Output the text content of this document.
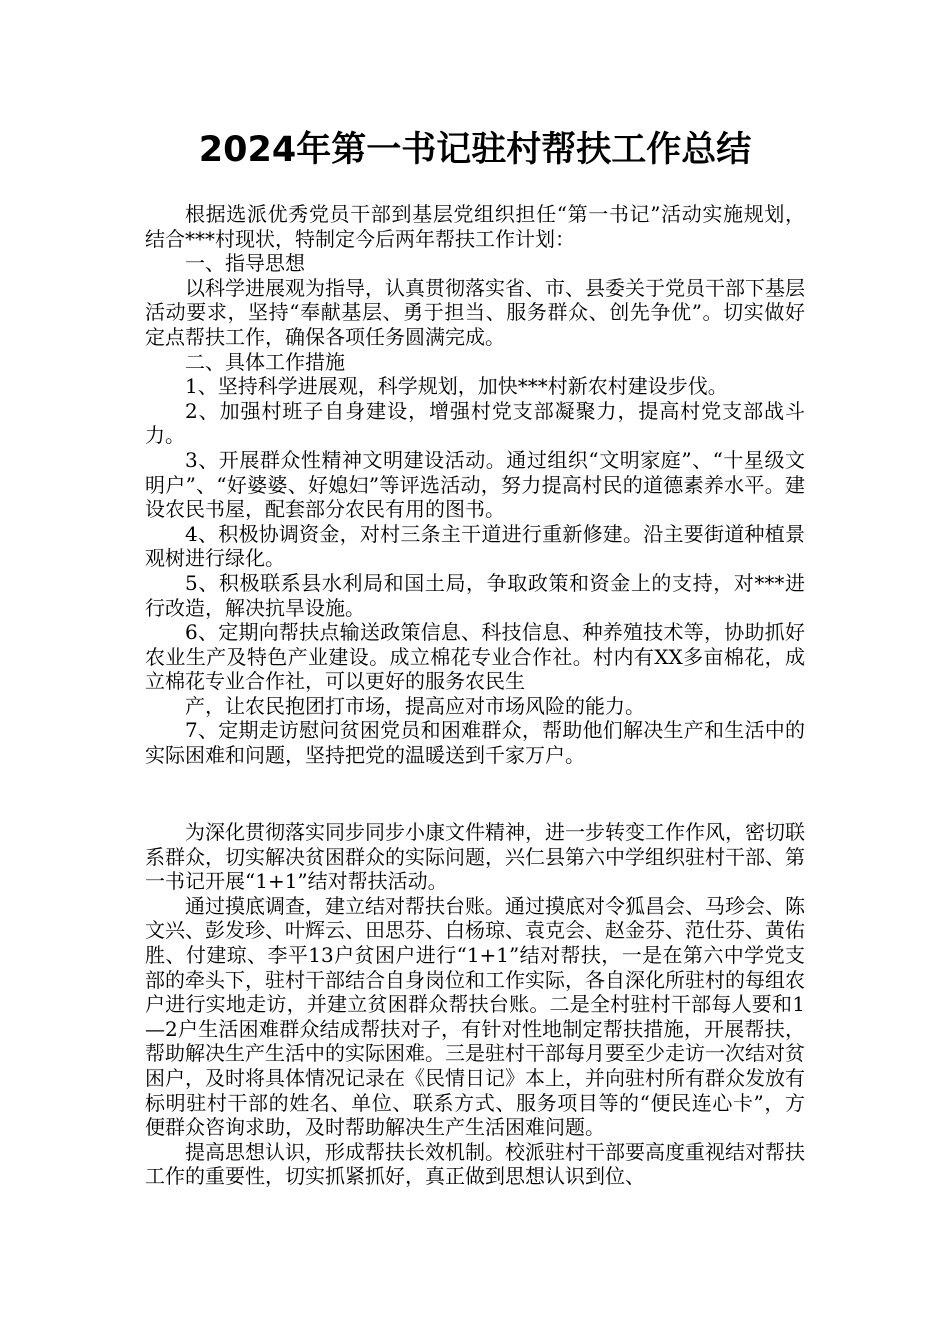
2024年第一书记驻村帮扶工作总结

根据选派优秀党员干部到基层党组织担任“第一书记”活动实施规划，结合***村现状，特制定今后两年帮扶工作计划：

一、指导思想

以科学进展观为指导，认真贯彻落实省、市、县委关于党员干部下基层活动要求，坚持“奉献基层、勇于担当、服务群众、创先争优”。切实做好定点帮扶工作，确保各项任务圆满完成。

二、具体工作措施

1、坚持科学进展观，科学规划，加快***村新农村建设步伐。

2、加强村班子自身建设，增强村党支部凝聚力，提高村党支部战斗力。

3、开展群众性精神文明建设活动。通过组织“文明家庭”、“十星级文明户”、“好婆婆、好媳妇”等评选活动，努力提高村民的道德素养水平。建设农民书屋，配套部分农民有用的图书。

4、积极协调资金，对村三条主干道进行重新修建。沿主要街道种植景观树进行绿化。

5、积极联系县水利局和国土局，争取政策和资金上的支持，对***进行改造，解决抗旱设施。

6、定期向帮扶点输送政策信息、科技信息、种养殖技术等，协助抓好农业生产及特色产业建设。成立棉花专业合作社。村内有XX多亩棉花，成立棉花专业合作社，可以更好的服务农民生

产，让农民抱团打市场，提高应对市场风险的能力。

7、定期走访慰问贫困党员和困难群众，帮助他们解决生产和生活中的实际困难和问题，坚持把党的温暖送到千家万户。

为深化贯彻落实同步同步小康文件精神，进一步转变工作作风，密切联系群众，切实解决贫困群众的实际问题，兴仁县第六中学组织驻村干部、第一书记开展“1+1”结对帮扶活动。

通过摸底调查，建立结对帮扶台账。通过摸底对令狐昌会、马珍会、陈文兴、彭发珍、叶辉云、田思芬、白杨琼、袁克会、赵金芬、范仕芬、黄佑胜、付建琼、李平13户贫困户进行“1+1”结对帮扶，一是在第六中学党支部的牵头下，驻村干部结合自身岗位和工作实际，各自深化所驻村的每组农户进行实地走访，并建立贫困群众帮扶台账。二是全村驻村干部每人要和1—2户生活困难群众结成帮扶对子，有针对性地制定帮扶措施，开展帮扶，帮助解决生产生活中的实际困难。三是驻村干部每月要至少走访一次结对贫困户，及时将具体情况记录在《民情日记》本上，并向驻村所有群众发放有标明驻村干部的姓名、单位、联系方式、服务项目等的“便民连心卡”，方便群众咨询求助，及时帮助解决生产生活困难问题。

提高思想认识，形成帮扶长效机制。校派驻村干部要高度重视结对帮扶工作的重要性，切实抓紧抓好，真正做到思想认识到位、
